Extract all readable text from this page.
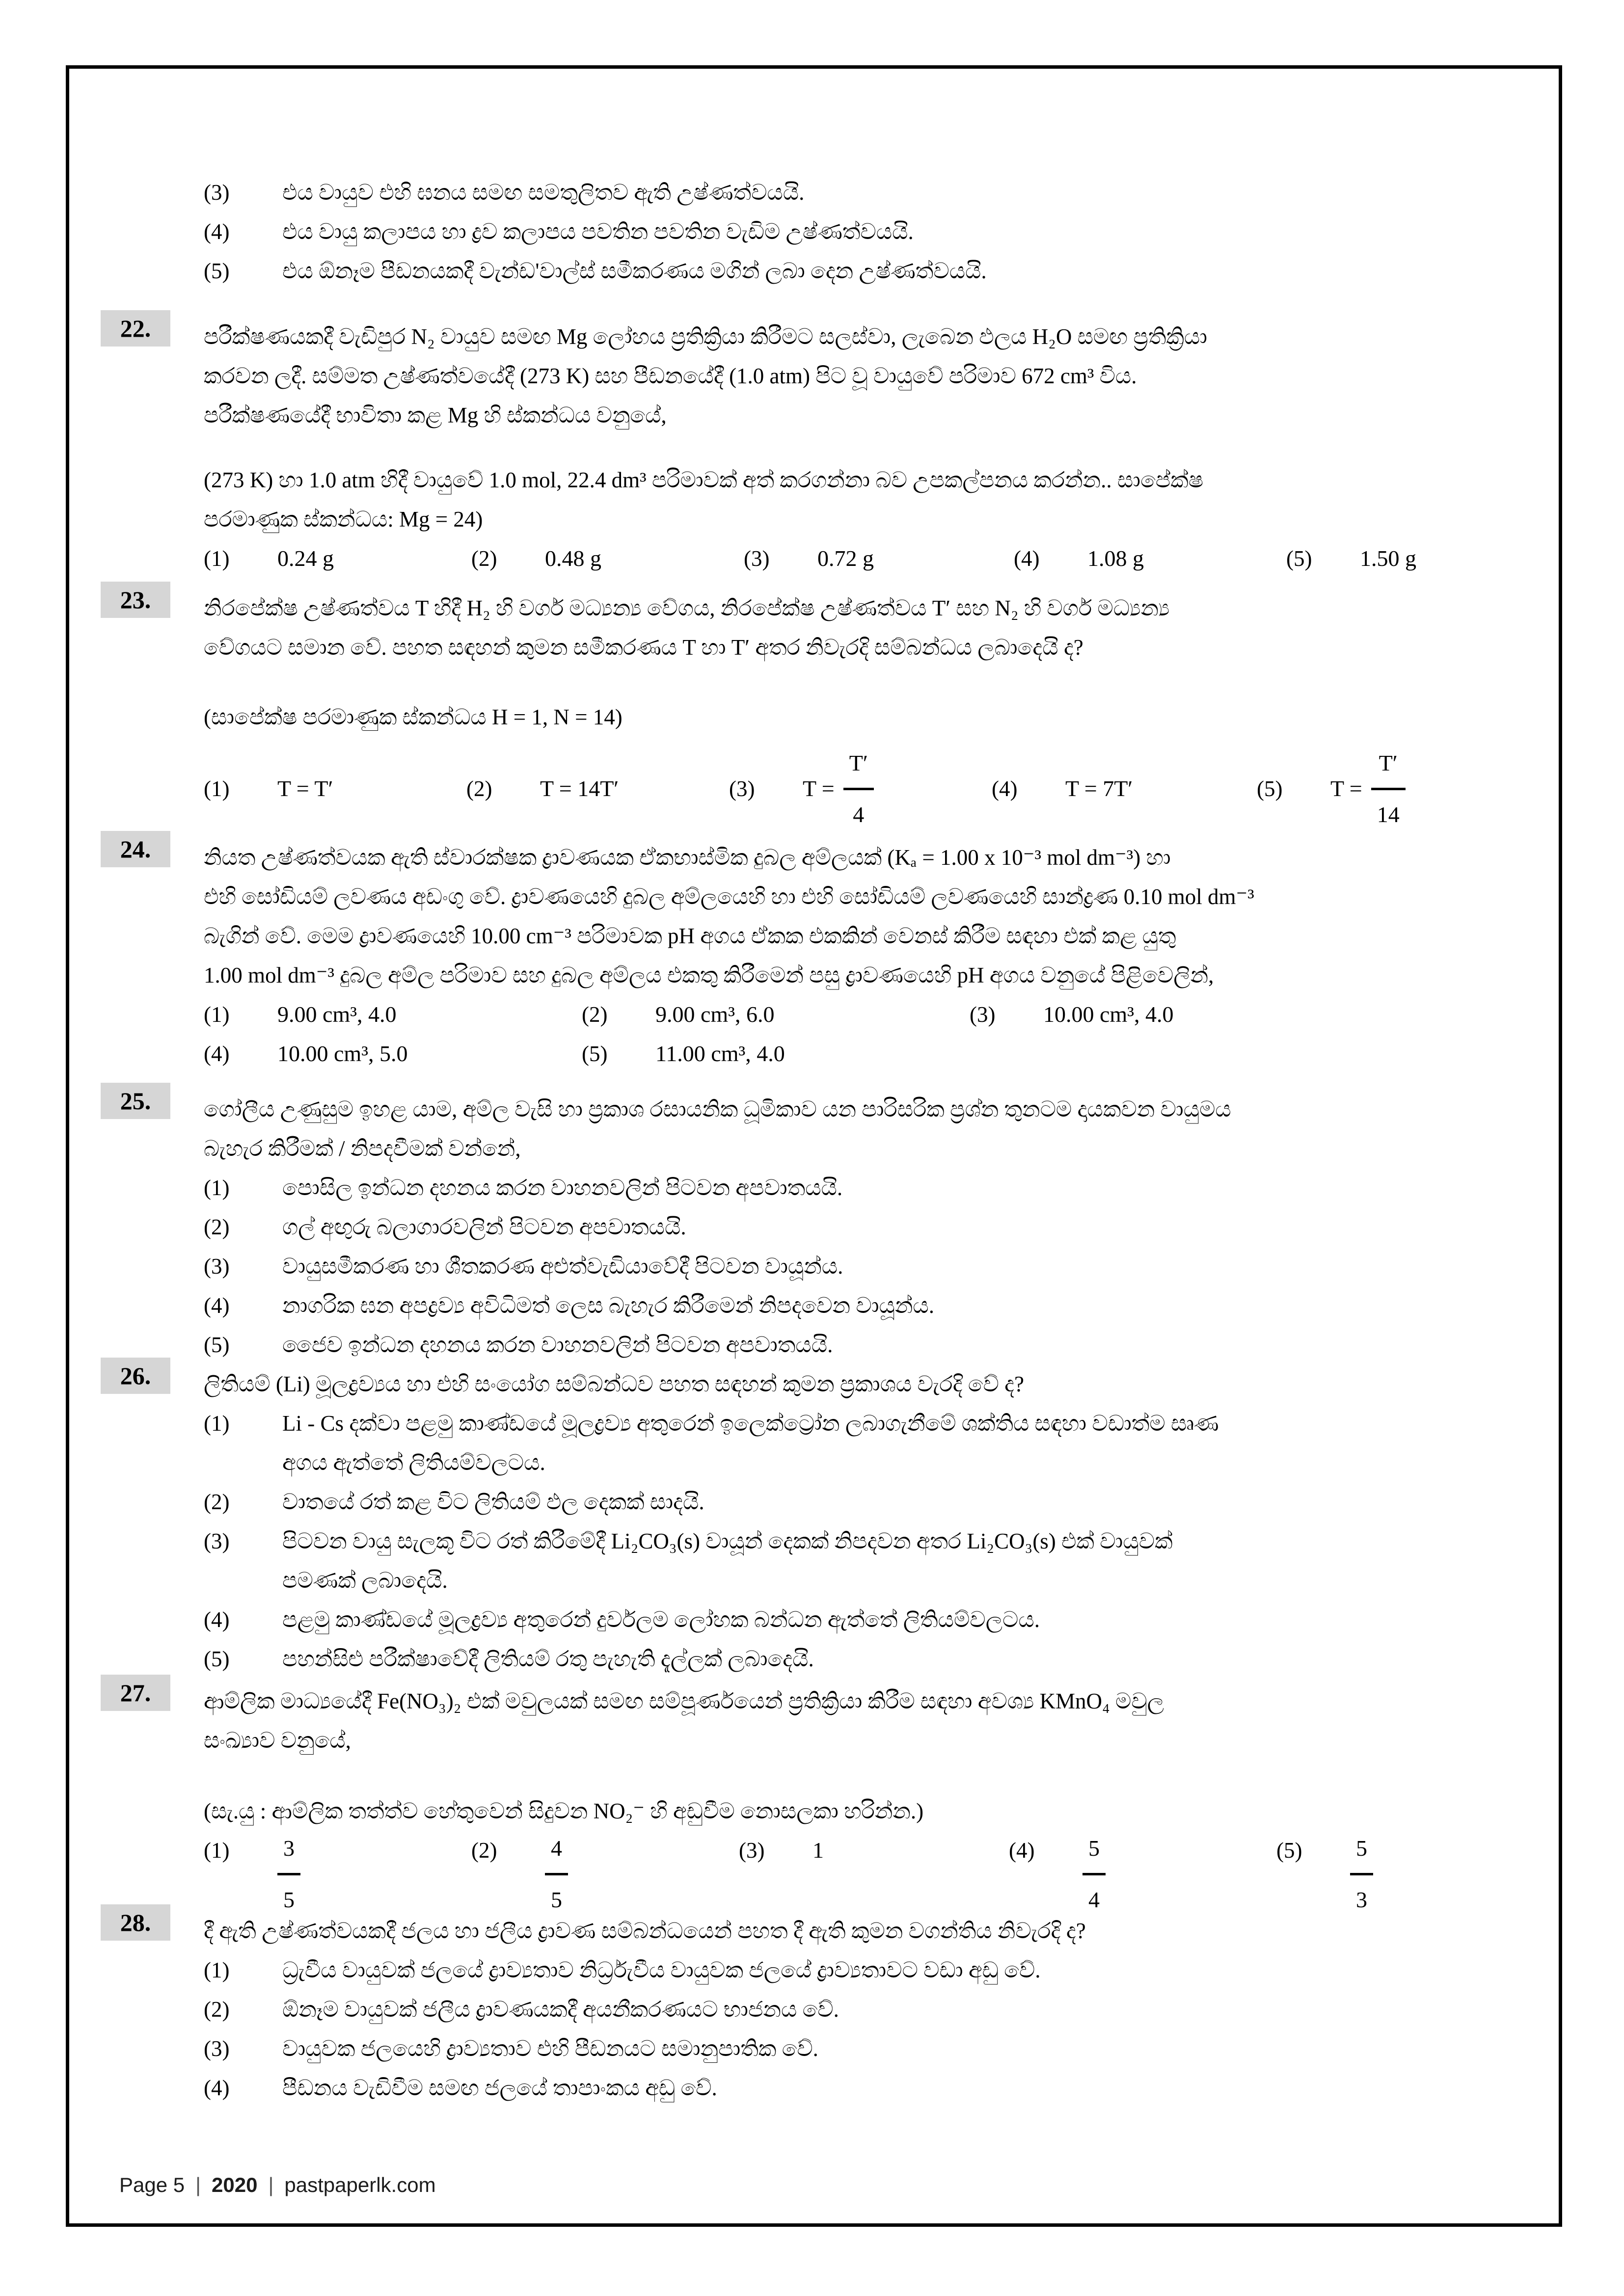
(3) එය වායුව එහි ඝනය සමඟ සමතුලිතව ඇති උෂ්ණත්වයයි.
(4) එය වායු කලාපය හා ද්‍රව කලාපය පවතින පවතින වැඩිම උෂ්ණත්වයයි.
(5) එය ඕනෑම පීඩනයකදී වැන්ඩ'වාල්ස් සමීකරණය මගින් ලබා දෙන උෂ්ණත්වයයි.
22.	පරීක්ෂණයකදී වැඩිපුර N₂ වායුව සමඟ Mg ලෝහය ප්‍රතික්‍රියා කිරීමට සලස්වා, ලැබෙන ඵලය H₂O සමඟ ප්‍රතික්‍රියා
කරවන ලදී. සම්මත උෂ්ණත්වයේදී (273 K) සහ පීඩනයේදී (1.0 atm) පිට වූ වායුවේ පරිමාව 672 cm³ විය.
පරීක්ෂණයේදී භාවිතා කළ Mg හි ස්කන්ධය වනුයේ,
(273 K) හා 1.0 atm හිදී වායුවේ 1.0 mol, 22.4 dm³ පරිමාවක් අත් කරගන්නා බව උපකල්පනය කරන්න.. සාපේක්ෂ
පරමාණුක ස්කන්ධය: Mg = 24)
(1)	0.24 g	(2)	0.48 g	(3)	0.72 g	(4)	1.08 g	(5)	1.50 g
23.	නිරපේක්ෂ උෂ්ණත්වය T හිදී H₂ හි වර්ග මධ්‍යන්‍ය වේගය, නිරපේක්ෂ උෂ්ණත්වය T′ සහ N₂ හි වර්ග මධ්‍යන්‍ය
වේගයට සමාන වේ. පහත සඳහන් කුමන සමීකරණය T හා T′ අතර නිවැරදි සම්බන්ධය ලබාදෙයි ද?
(සාපේක්ෂ පරමාණුක ස්කන්ධය H = 1, N = 14)
(1)	T = T′	(2)	T = 14T′	(3)	T =
T′
4
(4)	T = 7T′	(5)	T =
T′
14
24.	නියත උෂ්ණත්වයක ඇති ස්වාරක්ෂක ද්‍රාවණයක ඒකභාස්මික දුබල අම්ලයක් (Kₐ = 1.00 x 10⁻³ mol dm⁻³) හා
එහි සෝඩියම් ලවණය අඩංගු වේ. ද්‍රාවණයෙහි දුබල අම්ලයෙහි හා එහි සෝඩියම් ලවණයෙහි සාන්ද්‍රණ 0.10 mol dm⁻³
බැගින් වේ. මෙම ද්‍රාවණයෙහි 10.00 cm⁻³ පරිමාවක pH අගය ඒකක එකකින් වෙනස් කිරීම සඳහා එක් කළ යුතු
1.00 mol dm⁻³ දුබල අම්ල පරිමාව සහ දුබල අම්ලය එකතු කිරීමෙන් පසු ද්‍රාවණයෙහි pH අගය වනුයේ පිළිවෙලින්,
(1)	9.00 cm³, 4.0	(2)	9.00 cm³, 6.0	(3)	10.00 cm³, 4.0
(4)	10.00 cm³, 5.0	(5)	11.00 cm³, 4.0
25.	ගෝලීය උණුසුම ඉහළ යාම, අම්ල වැසි හා ප්‍රකාශ රසායනික ධූමිකාව යන පාරිසරික ප්‍රශ්න තුනටම දායකවන වායුමය
බැහැර කිරීමක් / නිපදවීමක් වන්නේ,
(1) පොසිල ඉන්ධන දහනය කරන වාහනවලින් පිටවන අපවාතයයි.
(2) ගල් අඟුරු බලාගාරවලින් පිටවන අපවාතයයි.
(3) වායුසමීකරණ හා ශීතකරණ අළුත්වැඩියාවේදී පිටවන වායූන්ය.
(4) නාගරික ඝන අපද්‍රව්‍ය අවිධිමත් ලෙස බැහැර කිරීමෙන් නිපදවෙන වායූන්ය.
(5) ජෛව ඉන්ධන දහනය කරන වාහනවලින් පිටවන අපවාතයයි.
26.	ලිතියම් (Li) මූලද්‍රව්‍යය හා එහි සංයෝග සම්බන්ධව පහත සඳහන් කුමන ප්‍රකාශය වැරදි වේ ද?
(1) Li - Cs දක්වා පළමු කාණ්ඩයේ මූලද්‍රව්‍ය අතුරෙන් ඉලෙක්ට්‍රෝන ලබාගැනීමේ ශක්තිය සඳහා වඩාත්ම සෘණ
අගය ඇත්තේ ලිතියම්වලටය.
(2) වාතයේ රත් කළ විට ලිතියම් ඵල දෙකක් සාදයි.
(3) පිටවන වායු සැලකූ විට රත් කිරීමේදී Li₂CO₃(s) වායූන් දෙකක් නිපදවන අතර Li₂CO₃(s) එක් වායුවක්
පමණක් ලබාදෙයි.
(4) පළමු කාණ්ඩයේ මූලද්‍රව්‍ය අතුරෙන් දුර්වලම ලෝහක බන්ධන ඇත්තේ ලිතියම්වලටය.
(5) පහන්සිළු පරීක්ෂාවේදී ලිතියම් රතු පැහැති දැල්ලක් ලබාදෙයි.
27.	ආම්ලික මාධ්‍යයේදී Fe(NO₃)₂ එක් මවුලයක් සමඟ සම්පූර්ණයෙන් ප්‍රතික්‍රියා කිරීම සඳහා අවශ්‍ය KMnO₄ මවුල
සංඛ්‍යාව වනුයේ,
(සැ.යු : ආම්ලික තත්ත්ව හේතුවෙන් සිදුවන NO₂⁻ හි අඩුවීම නොසලකා හරින්න.)
(1)	3
5
(2)	4
5
(3)	1	(4)	5
4
(5)	5
3
28.	දී ඇති උෂ්ණත්වයකදී ජලය හා ජලීය ද්‍රාවණ සම්බන්ධයෙන් පහත දී ඇති කුමන වගන්තිය නිවැරදි ද?
(1) ධ්‍රැවීය වායුවක් ජලයේ ද්‍රාව්‍යතාව නිර්ධ්‍රැවීය වායුවක ජලයේ ද්‍රාව්‍යතාවට වඩා අඩු වේ.
(2) ඕනෑම වායුවක් ජලීය ද්‍රාවණයකදී අයනීකරණයට භාජනය වේ.
(3) වායුවක ජලයෙහි ද්‍රාව්‍යතාව එහි පීඩනයට සමානුපාතික වේ.
(4) පීඩනය වැඩිවීම සමඟ ජලයේ තාපාංකය අඩු වේ.
Page 5 | 2020 | pastpaperlk.com
